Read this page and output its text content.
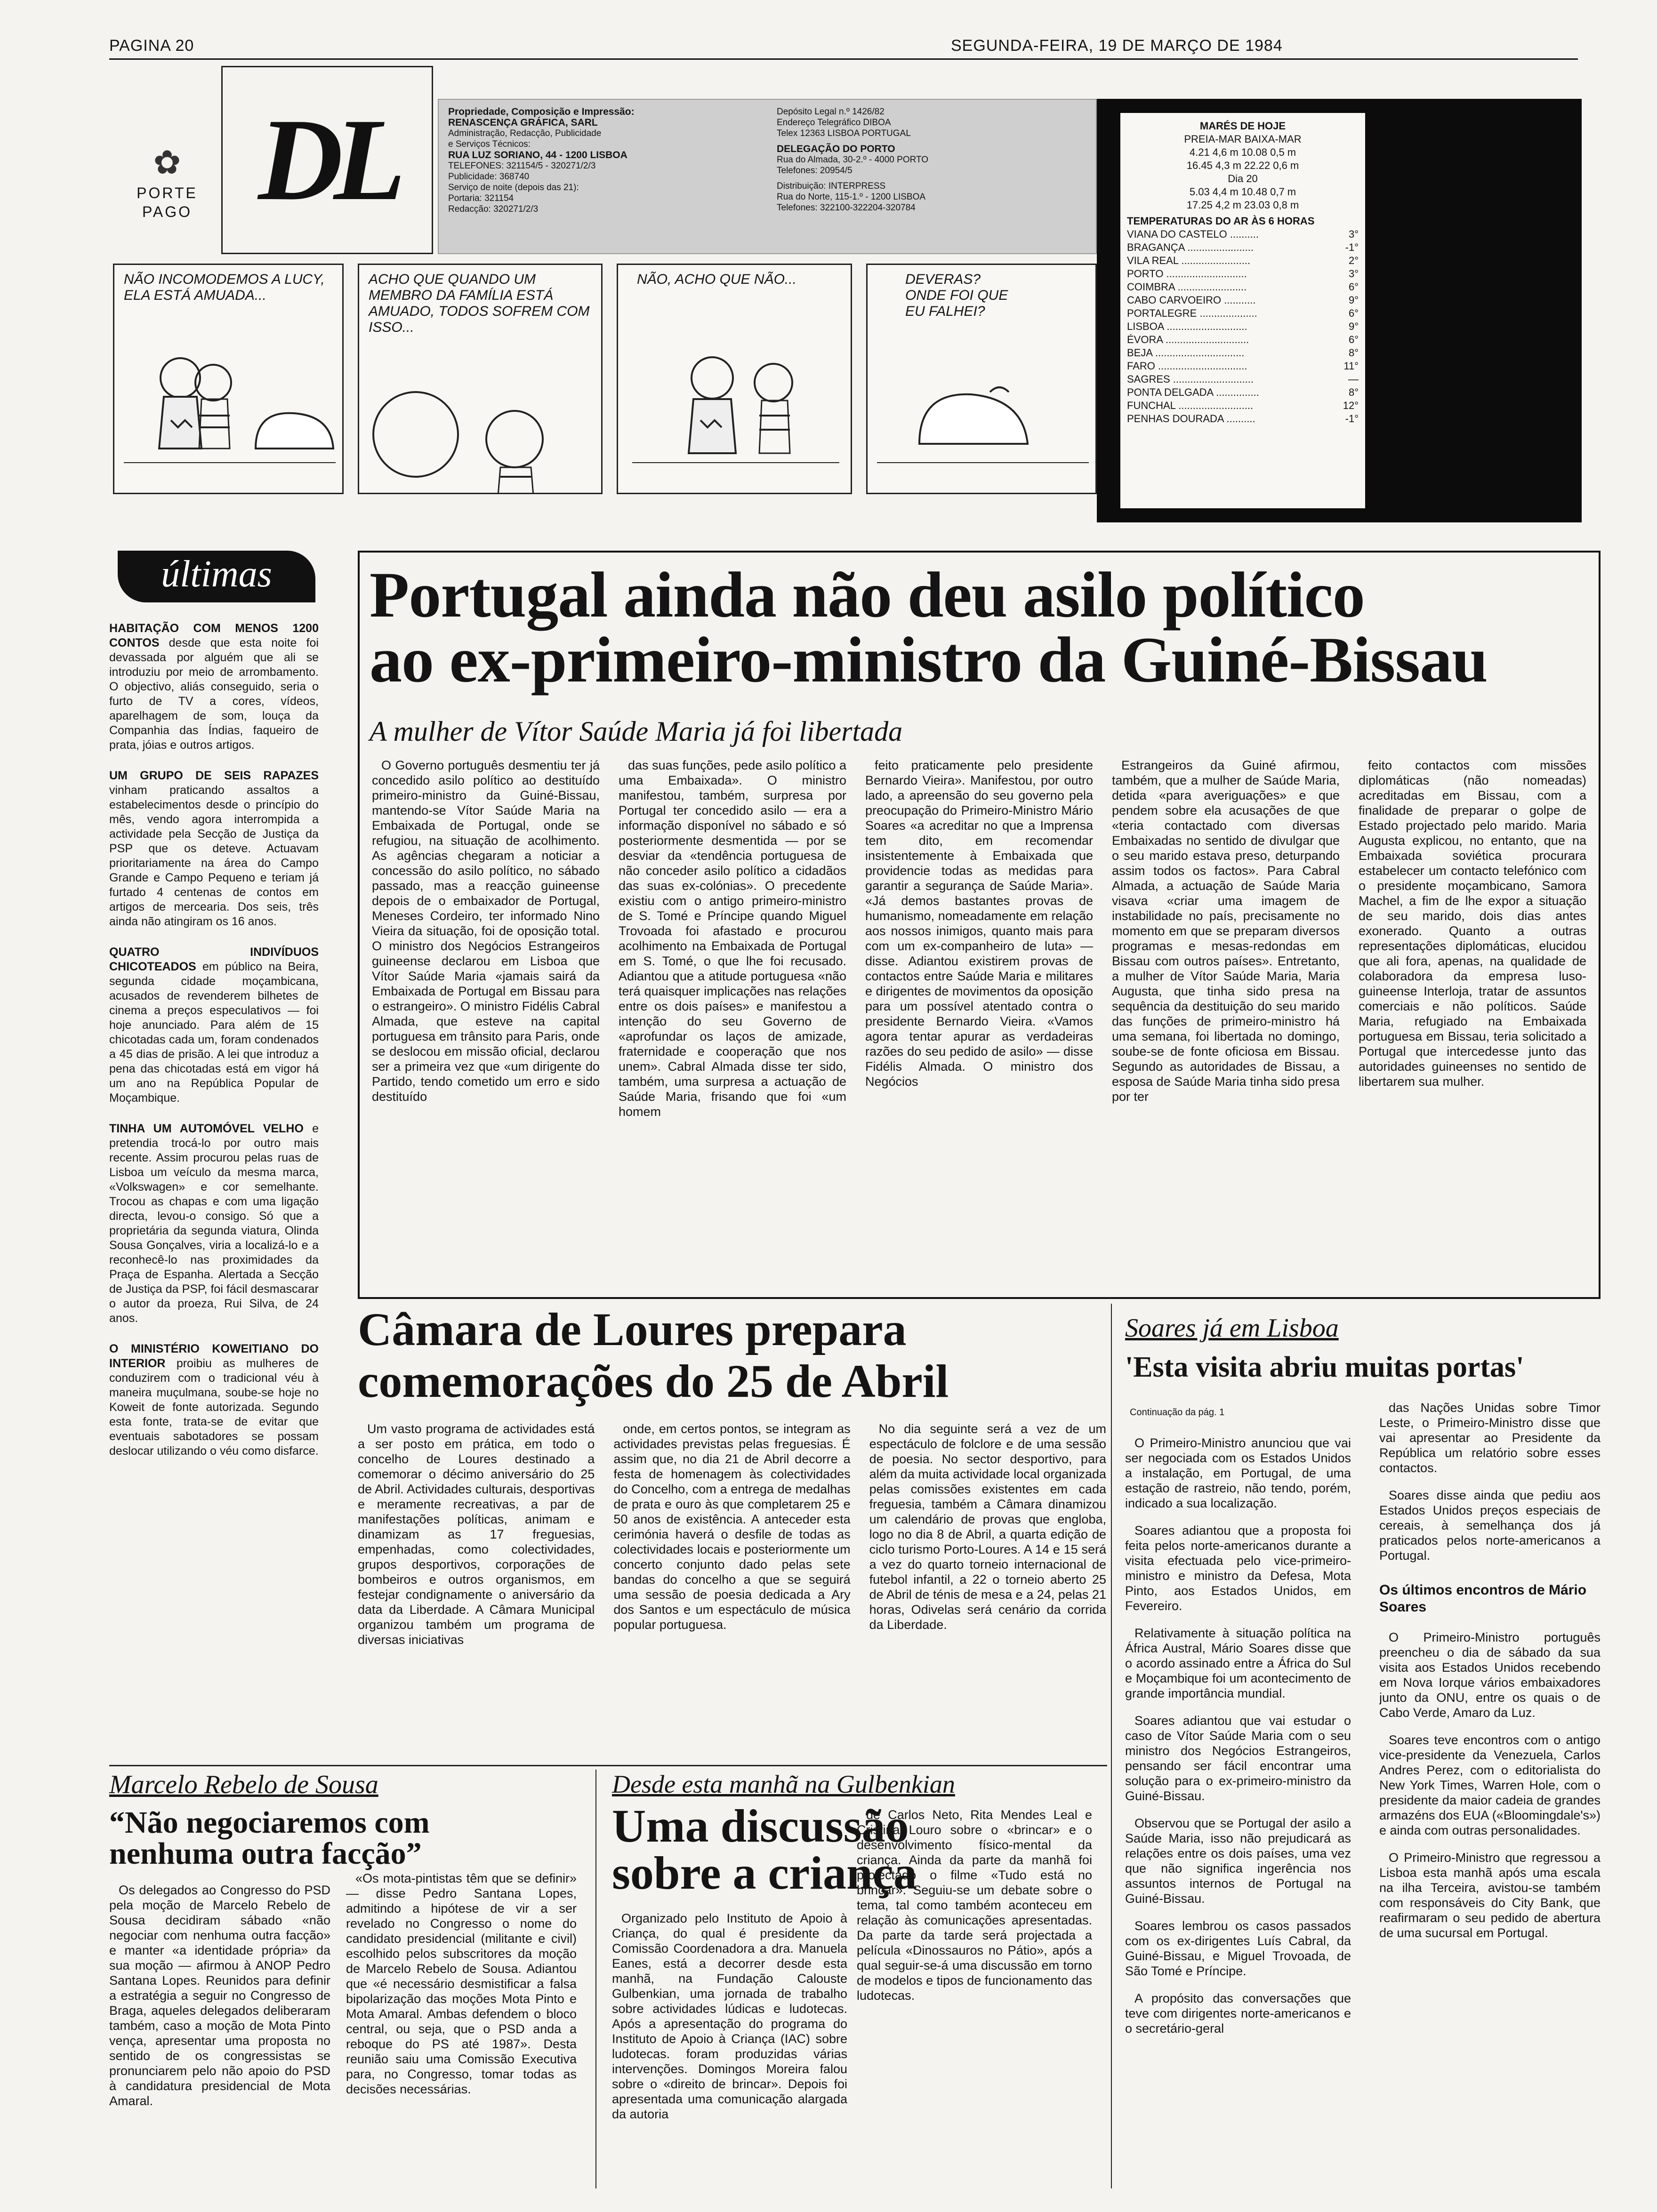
PAGINA 20	SEGUNDA-FEIRA, 19 DE MARÇO DE 1984
✿
PORTE PAGO DL	Propriedade, Composição e Impressão:
RENASCENÇA GRÁFICA, SARL
Administração, Redacção, Publicidade
e Serviços Técnicos:
RUA LUZ SORIANO, 44 - 1200 LISBOA
TELEFONES: 321154/5 - 320271/2/3
Publicidade: 368740
Serviço de noite (depois das 21):
Portaria: 321154
Redacção: 320271/2/3
Depósito Legal n.º 1426/82
Endereço Telegráfico DIBOA
Telex 12363 LISBOA PORTUGAL
DELEGAÇÃO DO PORTO
Rua do Almada, 30-2.º - 4000 PORTO
Telefones: 20954/5
Distribuição: INTERPRESS
Rua do Norte, 115-1.º - 1200 LISBOA
Telefones: 322100-322204-320784
NÃO INCOMODEMOS A LUCY, ELA ESTÁ AMUADA...
ACHO QUE QUANDO UM MEMBRO DA FAMÍLIA ESTÁ AMUADO, TODOS SOFREM COM ISSO...
NÃO, ACHO QUE NÃO...	DEVERAS? ONDE FOI QUE EU FALHEI?
MARÉS DE HOJE
PREIA-MAR BAIXA-MAR
4.21 4,6 m 10.08 0,5 m
16.45 4,3 m 22.22 0,6 m
Dia 20
5.03 4,4 m 10.48 0,7 m
17.25 4,2 m 23.03 0,8 m
TEMPERATURAS DO AR ÀS 6 HORAS
VIANA DO CASTELO ..........	3°
BRAGANÇA .......................	-1°
VILA REAL ........................	2°
PORTO ............................	3°
COIMBRA ........................	6°
CABO CARVOEIRO ...........	9°
PORTALEGRE ....................	6°
LISBOA ............................	9°
ÉVORA .............................	6°
BEJA ...............................	8°
FARO ...............................	11°
SAGRES ............................	—
PONTA DELGADA ...............	8°
FUNCHAL ..........................	12°
PENHAS DOURADA ..........	-1°
últimas

HABITAÇÃO COM MENOS 1200 CONTOS desde que esta noite foi devassada por alguém que ali se introduziu por meio de arrombamento. O objectivo, aliás conseguido, seria o furto de TV a cores, vídeos, aparelhagem de som, louça da Companhia das Índias, faqueiro de prata, jóias e outros artigos.

UM GRUPO DE SEIS RAPAZES vinham praticando assaltos a estabelecimentos desde o princípio do mês, vendo agora interrompida a actividade pela Secção de Justiça da PSP que os deteve. Actuavam prioritariamente na área do Campo Grande e Campo Pequeno e teriam já furtado 4 centenas de contos em artigos de mercearia. Dos seis, três ainda não atingiram os 16 anos.

QUATRO INDIVÍDUOS CHICOTEADOS em público na Beira, segunda cidade moçambicana, acusados de revenderem bilhetes de cinema a preços especulativos — foi hoje anunciado. Para além de 15 chicotadas cada um, foram condenados a 45 dias de prisão. A lei que introduz a pena das chicotadas está em vigor há um ano na República Popular de Moçambique.

TINHA UM AUTOMÓVEL VELHO e pretendia trocá-lo por outro mais recente. Assim procurou pelas ruas de Lisboa um veículo da mesma marca, «Volkswagen» e cor semelhante. Trocou as chapas e com uma ligação directa, levou-o consigo. Só que a proprietária da segunda viatura, Olinda Sousa Gonçalves, viria a localizá-lo e a reconhecê-lo nas proximidades da Praça de Espanha. Alertada a Secção de Justiça da PSP, foi fácil desmascarar o autor da proeza, Rui Silva, de 24 anos.

O MINISTÉRIO KOWEITIANO DO INTERIOR proibiu as mulheres de conduzirem com o tradicional véu à maneira muçulmana, soube-se hoje no Koweit de fonte autorizada. Segundo esta fonte, trata-se de evitar que eventuais sabotadores se possam deslocar utilizando o véu como disfarce.

Portugal ainda não deu asilo político
ao ex-primeiro-ministro da Guiné-Bissau
A mulher de Vítor Saúde Maria já foi libertada

O Governo português desmentiu ter já concedido asilo político ao destituído primeiro-ministro da Guiné-Bissau, mantendo-se Vítor Saúde Maria na Embaixada de Portugal, onde se refugiou, na situação de acolhimento. As agências chegaram a noticiar a concessão do asilo político, no sábado passado, mas a reacção guineense depois de o embaixador de Portugal, Meneses Cordeiro, ter informado Nino Vieira da situação, foi de oposição total. O ministro dos Negócios Estrangeiros guineense declarou em Lisboa que Vítor Saúde Maria «jamais sairá da Embaixada de Portugal em Bissau para o estrangeiro». O ministro Fidélis Cabral Almada, que esteve na capital portuguesa em trânsito para Paris, onde se deslocou em missão oficial, declarou ser a primeira vez que «um dirigente do Partido, tendo cometido um erro e sido destituído

das suas funções, pede asilo político a uma Embaixada». O ministro manifestou, também, surpresa por Portugal ter concedido asilo — era a informação disponível no sábado e só posteriormente desmentida — por se desviar da «tendência portuguesa de não conceder asilo político a cidadãos das suas ex-colónias». O precedente existiu com o antigo primeiro-ministro de S. Tomé e Príncipe quando Miguel Trovoada foi afastado e procurou acolhimento na Embaixada de Portugal em S. Tomé, o que lhe foi recusado. Adiantou que a atitude portuguesa «não terá quaisquer implicações nas relações entre os dois países» e manifestou a intenção do seu Governo de «aprofundar os laços de amizade, fraternidade e cooperação que nos unem». Cabral Almada disse ter sido, também, uma surpresa a actuação de Saúde Maria, frisando que foi «um homem

feito praticamente pelo presidente Bernardo Vieira». Manifestou, por outro lado, a apreensão do seu governo pela preocupação do Primeiro-Ministro Mário Soares «a acreditar no que a Imprensa tem dito, em recomendar insistentemente à Embaixada que providencie todas as medidas para garantir a segurança de Saúde Maria». «Já demos bastantes provas de humanismo, nomeadamente em relação aos nossos inimigos, quanto mais para com um ex-companheiro de luta» — disse. Adiantou existirem provas de contactos entre Saúde Maria e militares e dirigentes de movimentos da oposição para um possível atentado contra o presidente Bernardo Vieira. «Vamos agora tentar apurar as verdadeiras razões do seu pedido de asilo» — disse Fidélis Almada. O ministro dos Negócios

Estrangeiros da Guiné afirmou, também, que a mulher de Saúde Maria, detida «para averiguações» e que pendem sobre ela acusações de que «teria contactado com diversas Embaixadas no sentido de divulgar que o seu marido estava preso, deturpando assim todos os factos». Para Cabral Almada, a actuação de Saúde Maria visava «criar uma imagem de instabilidade no país, precisamente no momento em que se preparam diversos programas e mesas-redondas em Bissau com outros países». Entretanto, a mulher de Vítor Saúde Maria, Maria Augusta, que tinha sido presa na sequência da destituição do seu marido das funções de primeiro-ministro há uma semana, foi libertada no domingo, soube-se de fonte oficiosa em Bissau. Segundo as autoridades de Bissau, a esposa de Saúde Maria tinha sido presa por ter

feito contactos com missões diplomáticas (não nomeadas) acreditadas em Bissau, com a finalidade de preparar o golpe de Estado projectado pelo marido. Maria Augusta explicou, no entanto, que na Embaixada soviética procurara estabelecer um contacto telefónico com o presidente moçambicano, Samora Machel, a fim de lhe expor a situação de seu marido, dois dias antes exonerado. Quanto a outras representações diplomáticas, elucidou que ali fora, apenas, na qualidade de colaboradora da empresa luso-guineense Interloja, tratar de assuntos comerciais e não políticos. Saúde Maria, refugiado na Embaixada portuguesa em Bissau, teria solicitado a Portugal que intercedesse junto das autoridades guineenses no sentido de libertarem sua mulher.

Câmara de Loures prepara comemorações do 25 de Abril

Um vasto programa de actividades está a ser posto em prática, em todo o concelho de Loures destinado a comemorar o décimo aniversário do 25 de Abril. Actividades culturais, desportivas e meramente recreativas, a par de manifestações políticas, animam e dinamizam as 17 freguesias, empenhadas, como colectividades, grupos desportivos, corporações de bombeiros e outros organismos, em festejar condignamente o aniversário da data da Liberdade. A Câmara Municipal organizou também um programa de diversas iniciativas

onde, em certos pontos, se integram as actividades previstas pelas freguesias. É assim que, no dia 21 de Abril decorre a festa de homenagem às colectividades do Concelho, com a entrega de medalhas de prata e ouro às que completarem 25 e 50 anos de existência. A anteceder esta cerimónia haverá o desfile de todas as colectividades locais e posteriormente um concerto conjunto dado pelas sete bandas do concelho a que se seguirá uma sessão de poesia dedicada a Ary dos Santos e um espectáculo de música popular portuguesa.

No dia seguinte será a vez de um espectáculo de folclore e de uma sessão de poesia. No sector desportivo, para além da muita actividade local organizada pelas comissões existentes em cada freguesia, também a Câmara dinamizou um calendário de provas que engloba, logo no dia 8 de Abril, a quarta edição de ciclo turismo Porto-Loures. A 14 e 15 será a vez do quarto torneio internacional de futebol infantil, a 22 o torneio aberto 25 de Abril de ténis de mesa e a 24, pelas 21 horas, Odivelas será cenário da corrida da Liberdade.

Soares já em Lisboa
'Esta visita abriu muitas portas'
Continuação da pág. 1

O Primeiro-Ministro anunciou que vai ser negociada com os Estados Unidos a instalação, em Portugal, de uma estação de rastreio, não tendo, porém, indicado a sua localização.

Soares adiantou que a proposta foi feita pelos norte-americanos durante a visita efectuada pelo vice-primeiro-ministro e ministro da Defesa, Mota Pinto, aos Estados Unidos, em Fevereiro.

Relativamente à situação política na África Austral, Mário Soares disse que o acordo assinado entre a África do Sul e Moçambique foi um acontecimento de grande importância mundial.

Soares adiantou que vai estudar o caso de Vítor Saúde Maria com o seu ministro dos Negócios Estrangeiros, pensando ser fácil encontrar uma solução para o ex-primeiro-ministro da Guiné-Bissau.

Observou que se Portugal der asilo a Saúde Maria, isso não prejudicará as relações entre os dois países, uma vez que não significa ingerência nos assuntos internos de Portugal na Guiné-Bissau.

Soares lembrou os casos passados com os ex-dirigentes Luís Cabral, da Guiné-Bissau, e Miguel Trovoada, de São Tomé e Príncipe.

A propósito das conversações que teve com dirigentes norte-americanos e o secretário-geral

das Nações Unidas sobre Timor Leste, o Primeiro-Ministro disse que vai apresentar ao Presidente da República um relatório sobre esses contactos.

Soares disse ainda que pediu aos Estados Unidos preços especiais de cereais, à semelhança dos já praticados pelos norte-americanos a Portugal.

Os últimos encontros de Mário Soares

O Primeiro-Ministro português preencheu o dia de sábado da sua visita aos Estados Unidos recebendo em Nova Iorque vários embaixadores junto da ONU, entre os quais o de Cabo Verde, Amaro da Luz.

Soares teve encontros com o antigo vice-presidente da Venezuela, Carlos Andres Perez, com o editorialista do New York Times, Warren Hole, com o presidente da maior cadeia de grandes armazéns dos EUA («Bloomingdale's») e ainda com outras personalidades.

O Primeiro-Ministro que regressou a Lisboa esta manhã após uma escala na ilha Terceira, avistou-se também com responsáveis do City Bank, que reafirmaram o seu pedido de abertura de uma sucursal em Portugal.

Marcelo Rebelo de Sousa
“Não negociaremos com nenhuma outra facção”

Os delegados ao Congresso do PSD pela moção de Marcelo Rebelo de Sousa decidiram sábado «não negociar com nenhuma outra facção» e manter «a identidade própria» da sua moção — afirmou à ANOP Pedro Santana Lopes. Reunidos para definir a estratégia a seguir no Congresso de Braga, aqueles delegados deliberaram também, caso a moção de Mota Pinto vença, apresentar uma proposta no sentido de os congressistas se pronunciarem pelo não apoio do PSD à candidatura presidencial de Mota Amaral.

«Os mota-pintistas têm que se definir» — disse Pedro Santana Lopes, admitindo a hipótese de vir a ser revelado no Congresso o nome do candidato presidencial (militante e civil) escolhido pelos subscritores da moção de Marcelo Rebelo de Sousa. Adiantou que «é necessário desmistificar a falsa bipolarização das moções Mota Pinto e Mota Amaral. Ambas defendem o bloco central, ou seja, que o PSD anda a reboque do PS até 1987». Desta reunião saiu uma Comissão Executiva para, no Congresso, tomar todas as decisões necessárias.

Desde esta manhã na Gulbenkian
Uma discussão sobre a criança

Organizado pelo Instituto de Apoio à Criança, do qual é presidente da Comissão Coordenadora a dra. Manuela Eanes, está a decorrer desde esta manhã, na Fundação Calouste Gulbenkian, uma jornada de trabalho sobre actividades lúdicas e ludotecas. Após a apresentação do programa do Instituto de Apoio à Criança (IAC) sobre ludotecas. foram produzidas várias intervenções. Domingos Moreira falou sobre o «direito de brincar». Depois foi apresentada uma comunicação alargada da autoria

de Carlos Neto, Rita Mendes Leal e Cristina Louro sobre o «brincar» e o desenvolvimento físico-mental da criança. Ainda da parte da manhã foi projectado o filme «Tudo está no brincar». Seguiu-se um debate sobre o tema, tal como também aconteceu em relação às comunicações apresentadas. Da parte da tarde será projectada a película «Dinossauros no Pátio», após a qual seguir-se-á uma discussão em torno de modelos e tipos de funcionamento das ludotecas.
